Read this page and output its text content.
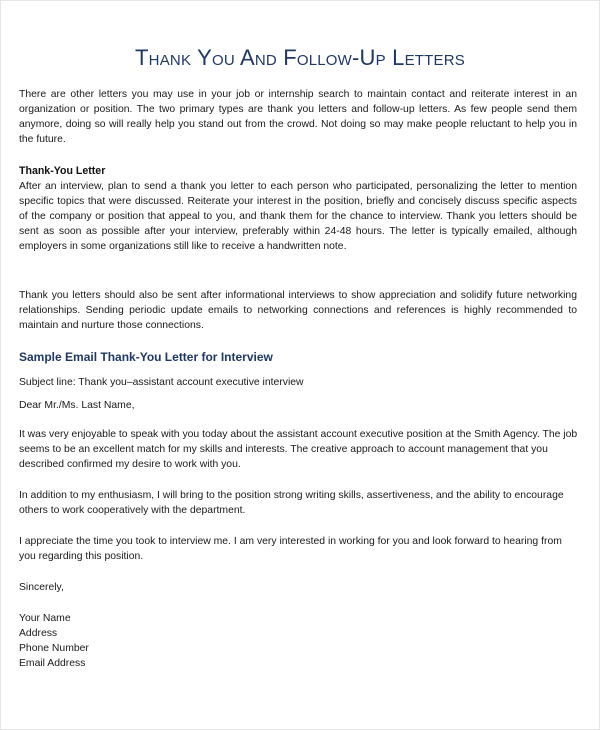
Thank You And Follow-Up Letters

There are other letters you may use in your job or internship search to maintain contact and reiterate interest in an organization or position. The two primary types are thank you letters and follow-up letters. As few people send them anymore, doing so will really help you stand out from the crowd. Not doing so may make people reluctant to help you in the future.

Thank-You Letter

After an interview, plan to send a thank you letter to each person who participated, personalizing the letter to mention specific topics that were discussed. Reiterate your interest in the position, briefly and concisely discuss specific aspects of the company or position that appeal to you, and thank them for the chance to interview. Thank you letters should be sent as soon as possible after your interview, preferably within 24-48 hours. The letter is typically emailed, although employers in some organizations still like to receive a handwritten note.

Thank you letters should also be sent after informational interviews to show appreciation and solidify future networking relationships. Sending periodic update emails to networking connections and references is highly recommended to maintain and nurture those connections.

Sample Email Thank-You Letter for Interview

Subject line: Thank you–assistant account executive interview

Dear Mr./Ms. Last Name,

It was very enjoyable to speak with you today about the assistant account executive position at the Smith Agency. The job seems to be an excellent match for my skills and interests. The creative approach to account management that you described confirmed my desire to work with you.

In addition to my enthusiasm, I will bring to the position strong writing skills, assertiveness, and the ability to encourage others to work cooperatively with the department.

I appreciate the time you took to interview me. I am very interested in working for you and look forward to hearing from you regarding this position.

Sincerely,

Your Name
Address
Phone Number
Email Address
